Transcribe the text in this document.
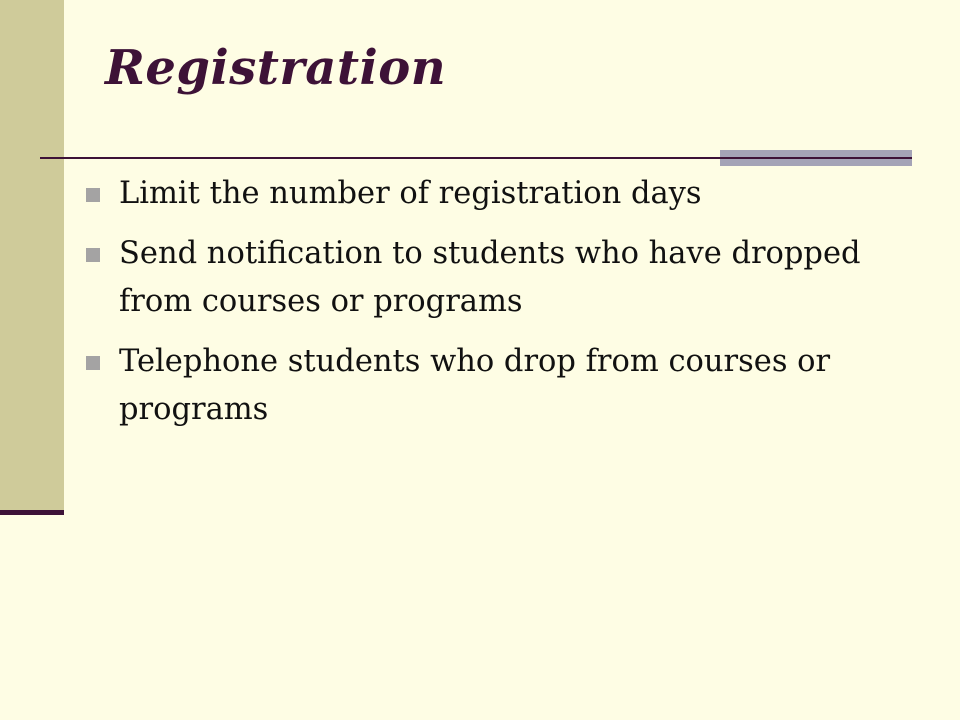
Registration
Limit the number of registration days
Send notification to students who have dropped from courses or programs
Telephone students who drop from courses or programs
